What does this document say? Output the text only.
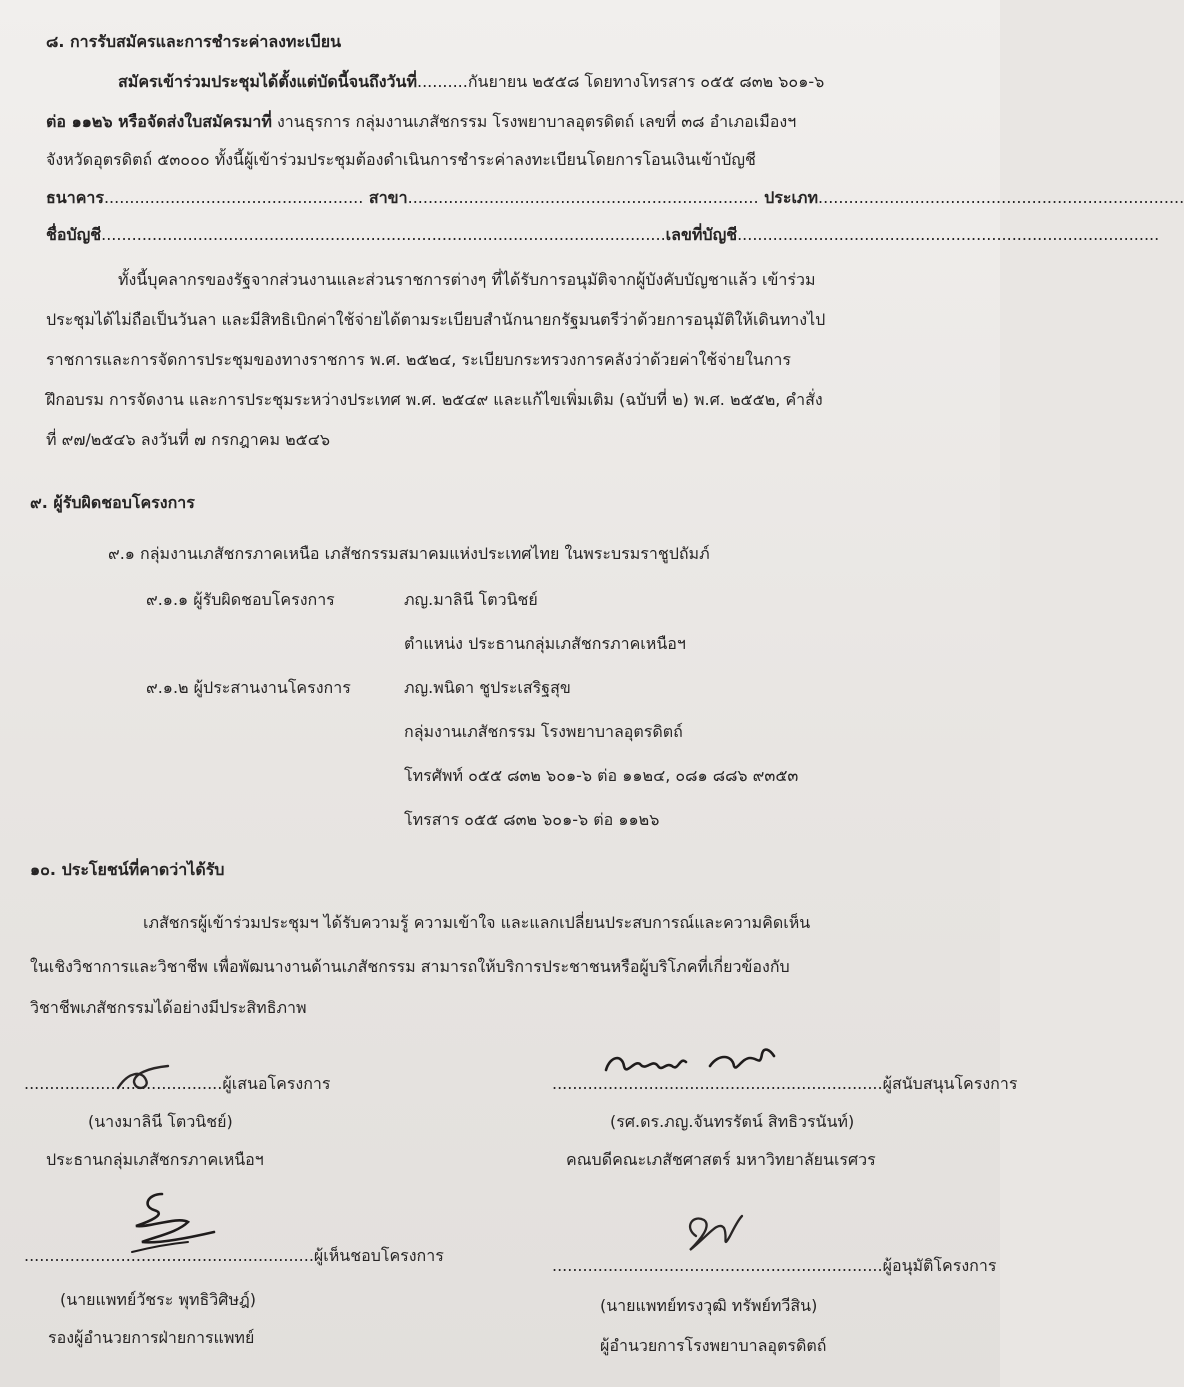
๘. การรับสมัครและการชำระค่าลงทะเบียน
สมัครเข้าร่วมประชุมได้ตั้งแต่บัดนี้จนถึงวันที่..........กันยายน ๒๕๕๘ โดยทางโทรสาร ๐๕๕ ๘๓๒ ๖๐๑-๖
ต่อ ๑๑๒๖ หรือจัดส่งใบสมัครมาที่ งานธุรการ กลุ่มงานเภสัชกรรม โรงพยาบาลอุตรดิตถ์ เลขที่ ๓๘ อำเภอเมืองฯ
จังหวัดอุตรดิตถ์ ๕๓๐๐๐ ทั้งนี้ผู้เข้าร่วมประชุมต้องดำเนินการชำระค่าลงทะเบียนโดยการโอนเงินเข้าบัญชี
ธนาคาร................................................... สาขา..................................................................... ประเภท........................................................................
ชื่อบัญชี...............................................................................................................เลขที่บัญชี...................................................................................
ทั้งนี้บุคลากรของรัฐจากส่วนงานและส่วนราชการต่างๆ ที่ได้รับการอนุมัติจากผู้บังคับบัญชาแล้ว เข้าร่วม
ประชุมได้ไม่ถือเป็นวันลา และมีสิทธิเบิกค่าใช้จ่ายได้ตามระเบียบสำนักนายกรัฐมนตรีว่าด้วยการอนุมัติให้เดินทางไป
ราชการและการจัดการประชุมของทางราชการ พ.ศ. ๒๕๒๔, ระเบียบกระทรวงการคลังว่าด้วยค่าใช้จ่ายในการ
ฝึกอบรม การจัดงาน และการประชุมระหว่างประเทศ พ.ศ. ๒๕๔๙ และแก้ไขเพิ่มเติม (ฉบับที่ ๒) พ.ศ. ๒๕๕๒, คำสั่ง
ที่ ๙๗/๒๕๔๖ ลงวันที่ ๗ กรกฎาคม ๒๕๔๖
๙. ผู้รับผิดชอบโครงการ
๙.๑ กลุ่มงานเภสัชกรภาคเหนือ เภสัชกรรมสมาคมแห่งประเทศไทย ในพระบรมราชูปถัมภ์
๙.๑.๑ ผู้รับผิดชอบโครงการ	ภญ.มาลินี โตวนิชย์
ตำแหน่ง ประธานกลุ่มเภสัชกรภาคเหนือฯ
๙.๑.๒ ผู้ประสานงานโครงการ	ภญ.พนิดา ชูประเสริฐสุข
กลุ่มงานเภสัชกรรม โรงพยาบาลอุตรดิตถ์
โทรศัพท์ ๐๕๕ ๘๓๒ ๖๐๑-๖ ต่อ ๑๑๒๔, ๐๘๑ ๘๘๖ ๙๓๕๓
โทรสาร ๐๕๕ ๘๓๒ ๖๐๑-๖ ต่อ ๑๑๒๖
๑๐. ประโยชน์ที่คาดว่าได้รับ
เภสัชกรผู้เข้าร่วมประชุมฯ ได้รับความรู้ ความเข้าใจ และแลกเปลี่ยนประสบการณ์และความคิดเห็น
ในเชิงวิชาการและวิชาชีพ เพื่อพัฒนางานด้านเภสัชกรรม สามารถให้บริการประชาชนหรือผู้บริโภคที่เกี่ยวข้องกับ
วิชาชีพเภสัชกรรมได้อย่างมีประสิทธิภาพ
.......................................ผู้เสนอโครงการ
(นางมาลินี โตวนิชย์)
ประธานกลุ่มเภสัชกรภาคเหนือฯ
.................................................................ผู้สนับสนุนโครงการ
(รศ.ดร.ภญ.จันทรรัตน์ สิทธิวรนันท์)
คณบดีคณะเภสัชศาสตร์ มหาวิทยาลัยนเรศวร
.........................................................ผู้เห็นชอบโครงการ
(นายแพทย์วัชระ พุทธิวิศิษฎ์)
รองผู้อำนวยการฝ่ายการแพทย์
.................................................................ผู้อนุมัติโครงการ
(นายแพทย์ทรงวุฒิ ทรัพย์ทวีสิน)
ผู้อำนวยการโรงพยาบาลอุตรดิตถ์
